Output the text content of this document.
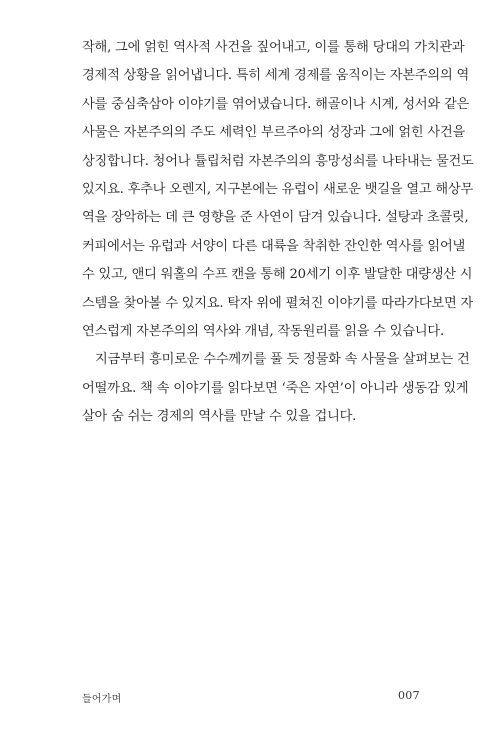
작해, 그에 얽힌 역사적 사건을 짚어내고, 이를 통해 당대의 가치관과
경제적 상황을 읽어냅니다. 특히 세계 경제를 움직이는 자본주의의 역
사를 중심축삼아 이야기를 엮어냈습니다. 해골이나 시계, 성서와 같은
사물은 자본주의의 주도 세력인 부르주아의 성장과 그에 얽힌 사건을
상징합니다. 청어나 튤립처럼 자본주의의 흥망성쇠를 나타내는 물건도
있지요. 후추나 오렌지, 지구본에는 유럽이 새로운 뱃길을 열고 해상무
역을 장악하는 데 큰 영향을 준 사연이 담겨 있습니다. 설탕과 초콜릿,
커피에서는 유럽과 서양이 다른 대륙을 착취한 잔인한 역사를 읽어낼
수 있고, 앤디 워홀의 수프 캔을 통해 20세기 이후 발달한 대량생산 시
스템을 찾아볼 수 있지요. 탁자 위에 펼쳐진 이야기를 따라가다보면 자
연스럽게 자본주의의 역사와 개념, 작동원리를 읽을 수 있습니다.
지금부터 흥미로운 수수께끼를 풀 듯 정물화 속 사물을 살펴보는 건
어떨까요. 책 속 이야기를 읽다보면 ‘죽은 자연’이 아니라 생동감 있게
살아 숨 쉬는 경제의 역사를 만날 수 있을 겁니다.
들어가며	007
